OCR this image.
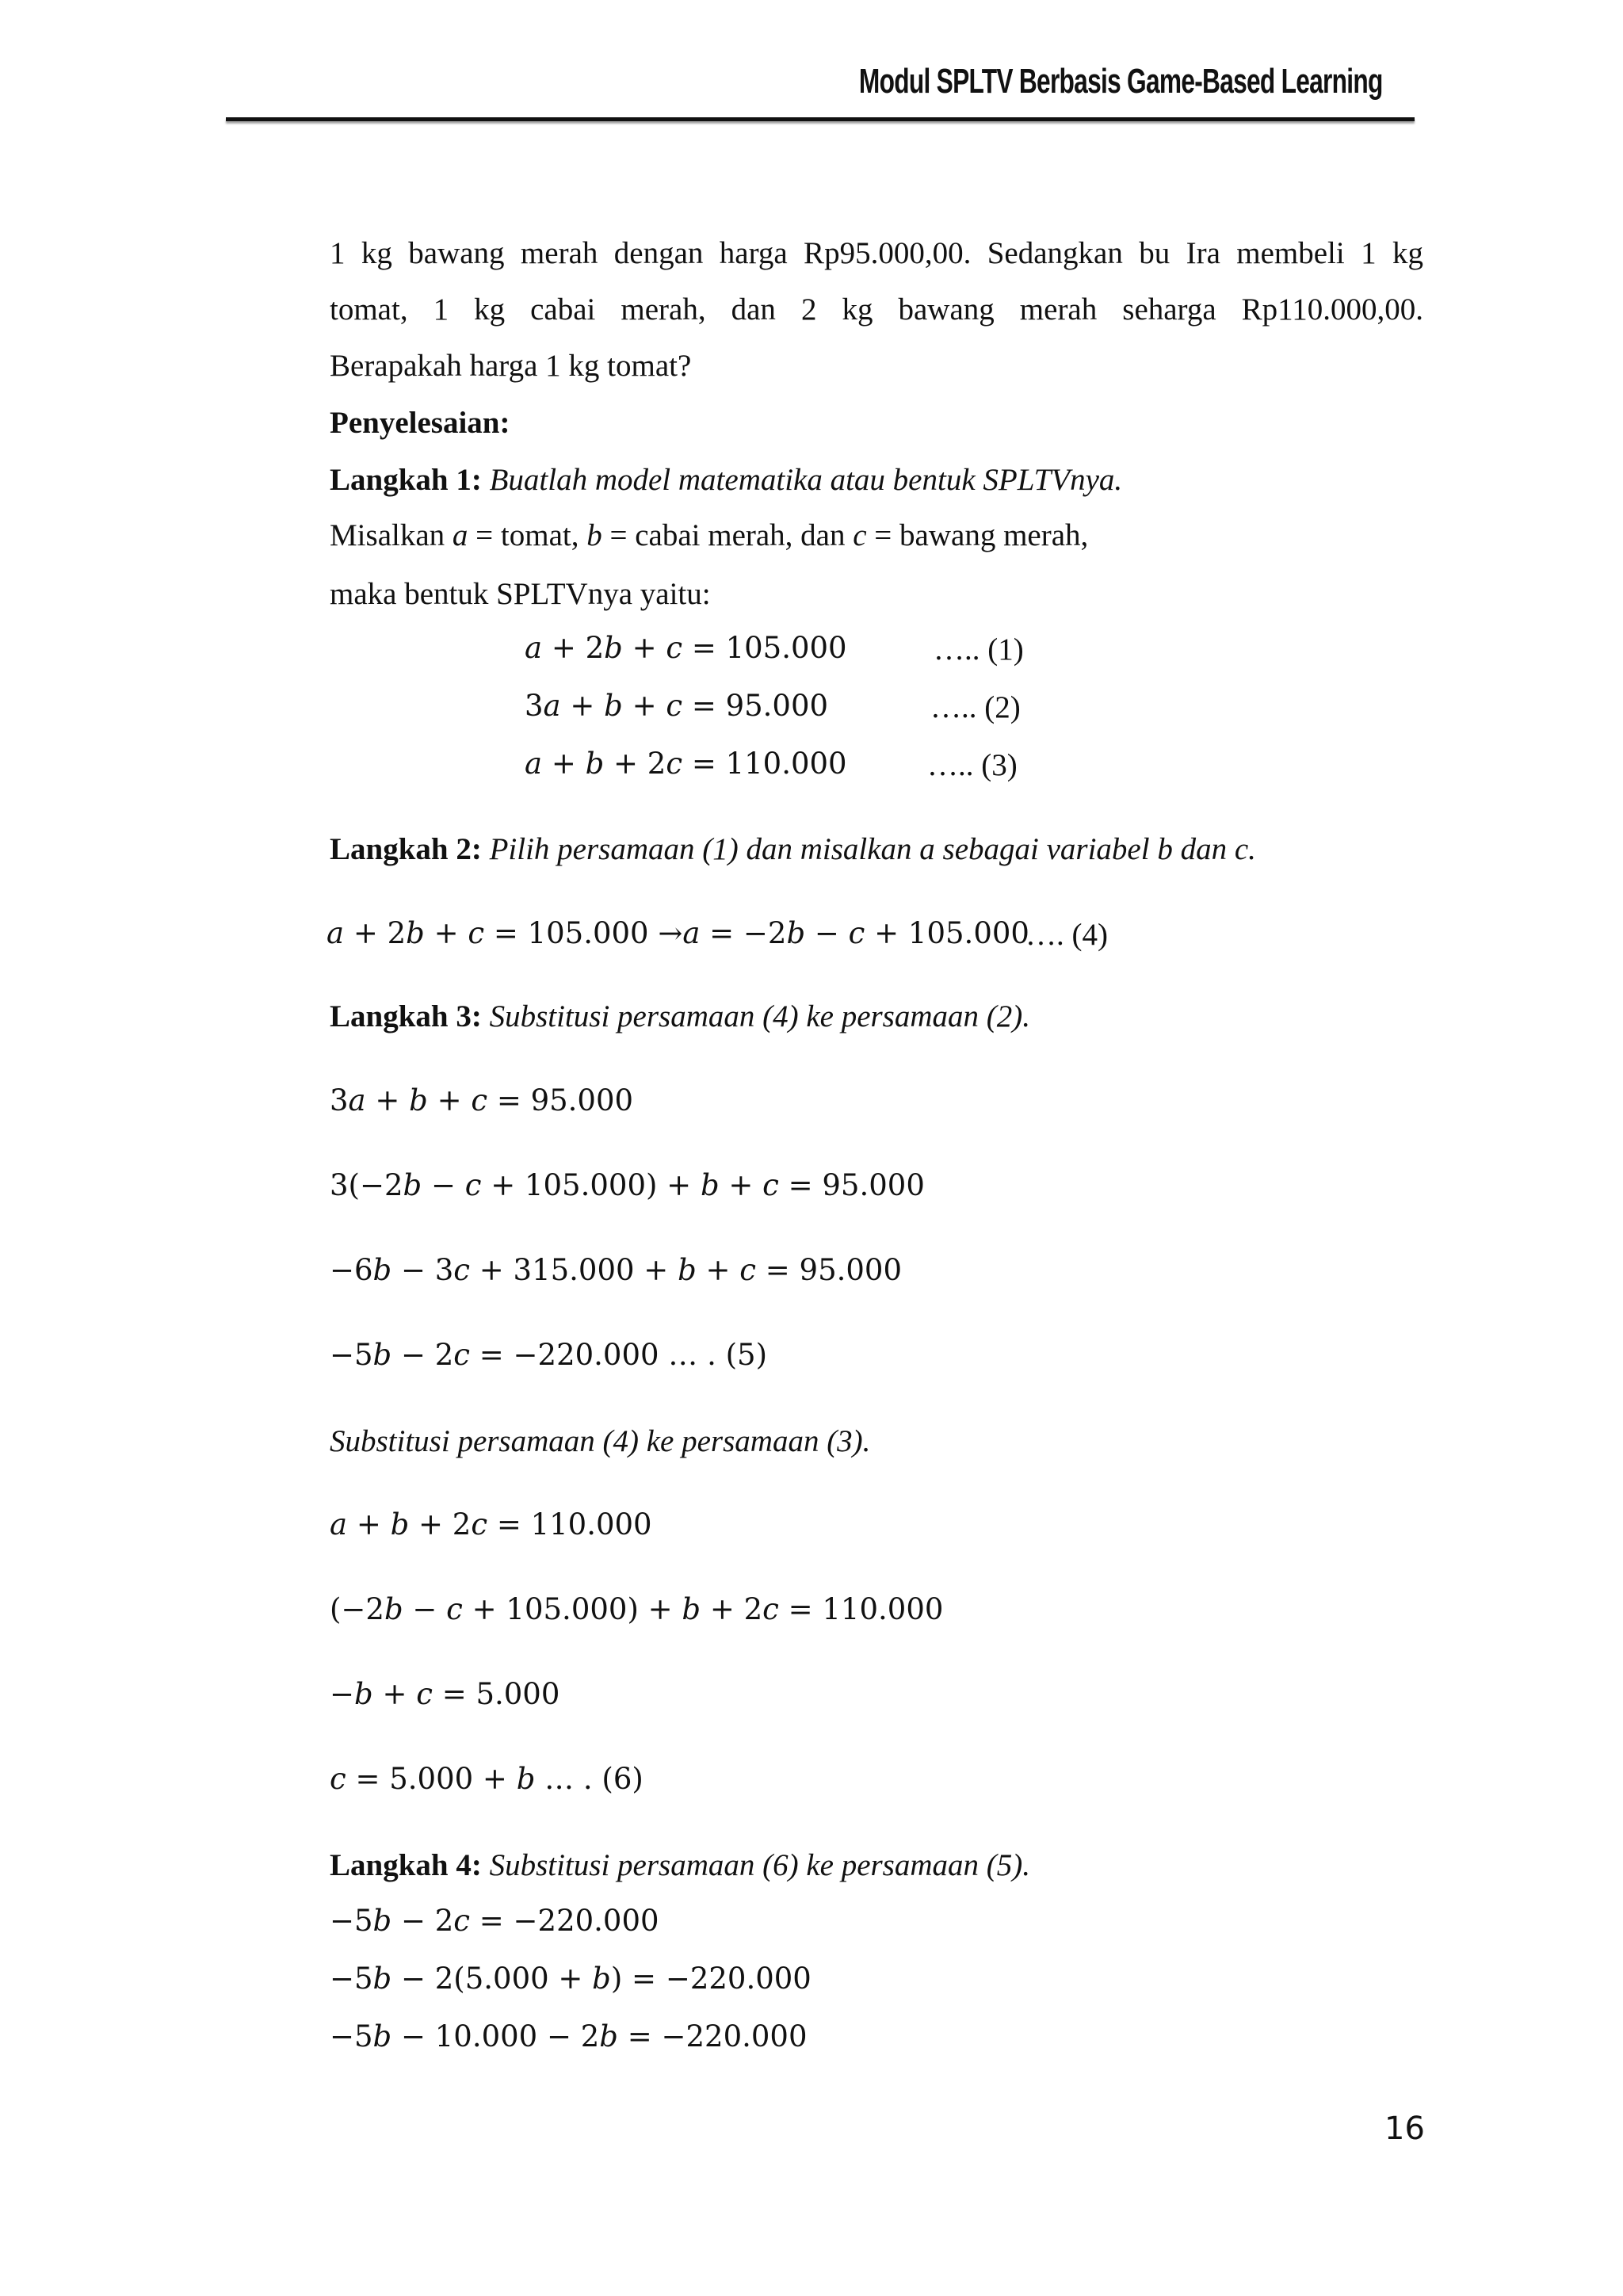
Modul SPLTV Berbasis Game-Based Learning
1 kg bawang merah dengan harga Rp95.000,00. Sedangkan bu Ira membeli 1 kg
tomat, 1 kg cabai merah, dan 2 kg bawang merah seharga Rp110.000,00.
Berapakah harga 1 kg tomat?
Penyelesaian:
Langkah 1: Buatlah model matematika atau bentuk SPLTVnya.
Misalkan a = tomat, b = cabai merah, dan c = bawang merah,
maka bentuk SPLTVnya yaitu:
𝑎 + 2𝑏 + 𝑐 = 105.000	….. (1)
3𝑎 + 𝑏 + 𝑐 = 95.000	….. (2)
𝑎 + 𝑏 + 2𝑐 = 110.000	….. (3)
Langkah 2: Pilih persamaan (1) dan misalkan a sebagai variabel b dan c.
𝑎 + 2𝑏 + 𝑐 = 105.000 →𝑎 = −2𝑏 − 𝑐 + 105.000
…. (4)
Langkah 3: Substitusi persamaan (4) ke persamaan (2).
3𝑎 + 𝑏 + 𝑐 = 95.000
3(−2𝑏 − 𝑐 + 105.000) + 𝑏 + 𝑐 = 95.000
−6𝑏 − 3𝑐 + 315.000 + 𝑏 + 𝑐 = 95.000
−5𝑏 − 2𝑐 = −220.000 … . (5)
Substitusi persamaan (4) ke persamaan (3).
𝑎 + 𝑏 + 2𝑐 = 110.000
(−2𝑏 − 𝑐 + 105.000) + 𝑏 + 2𝑐 = 110.000
−𝑏 + 𝑐 = 5.000
𝑐 = 5.000 + 𝑏 … . (6)
Langkah 4: Substitusi persamaan (6) ke persamaan (5).
−5𝑏 − 2𝑐 = −220.000
−5𝑏 − 2(5.000 + 𝑏) = −220.000
−5𝑏 − 10.000 − 2𝑏 = −220.000
16
